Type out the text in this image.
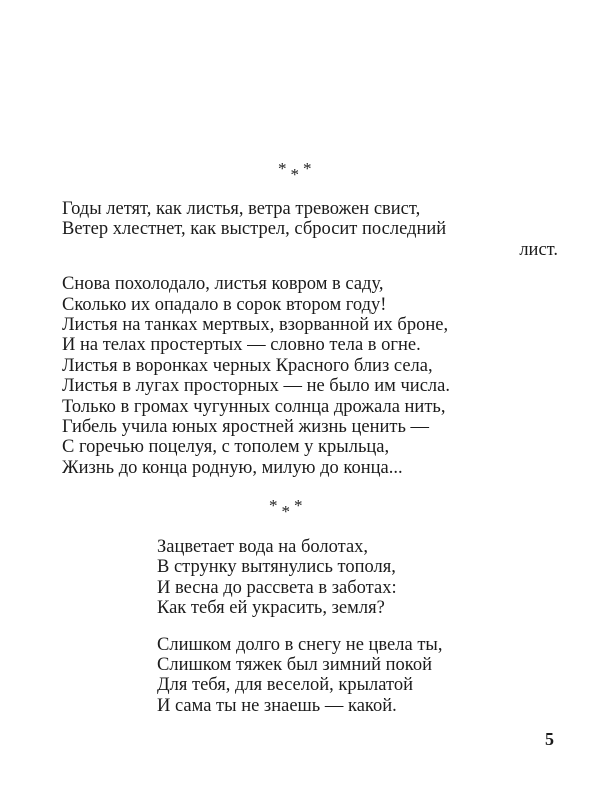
* * *
Годы летят, как листья, ветра тревожен свист,
Ветер хлестнет, как выстрел, сбросит последний
лист.
Снова похолодало, листья ковром в саду,
Сколько их опадало в сорок втором году!
Листья на танках мертвых, взорванной их броне,
И на телах простертых — словно тела в огне.
Листья в воронках черных Красного близ села,
Листья в лугах просторных — не было им числа.
Только в громах чугунных солнца дрожала нить,
Гибель учила юных яростней жизнь ценить —
С горечью поцелуя, с тополем у крыльца,
Жизнь до конца родную, милую до конца...
* * *
Зацветает вода на болотах,
В струнку вытянулись тополя,
И весна до рассвета в заботах:
Как тебя ей украсить, земля?
Слишком долго в снегу не цвела ты,
Слишком тяжек был зимний покой
Для тебя, для веселой, крылатой
И сама ты не знаешь — какой.
5
